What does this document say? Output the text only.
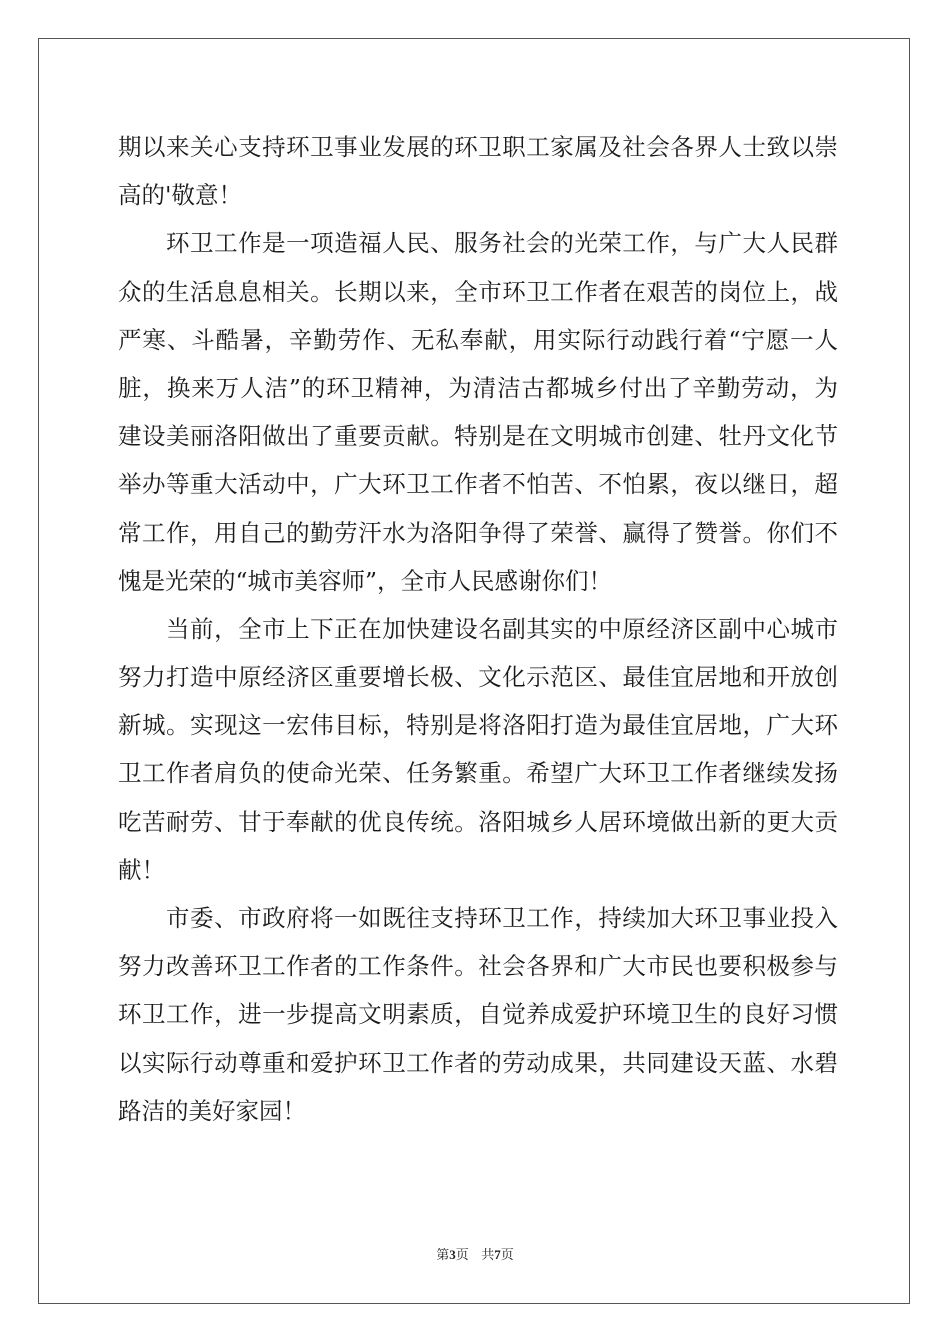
期以来关心支持环卫事业发展的环卫职工家属及社会各界人士致以崇
高的'敬意！
　　环卫工作是一项造福人民、服务社会的光荣工作，与广大人民群
众的生活息息相关。长期以来，全市环卫工作者在艰苦的岗位上，战
严寒、斗酷暑，辛勤劳作、无私奉献，用实际行动践行着“宁愿一人
脏，换来万人洁”的环卫精神，为清洁古都城乡付出了辛勤劳动，为
建设美丽洛阳做出了重要贡献。特别是在文明城市创建、牡丹文化节
举办等重大活动中，广大环卫工作者不怕苦、不怕累，夜以继日，超
常工作，用自己的勤劳汗水为洛阳争得了荣誉、赢得了赞誉。你们不
愧是光荣的“城市美容师”，全市人民感谢你们！
　　当前，全市上下正在加快建设名副其实的中原经济区副中心城市
努力打造中原经济区重要增长极、文化示范区、最佳宜居地和开放创
新城。实现这一宏伟目标，特别是将洛阳打造为最佳宜居地，广大环
卫工作者肩负的使命光荣、任务繁重。希望广大环卫工作者继续发扬
吃苦耐劳、甘于奉献的优良传统。洛阳城乡人居环境做出新的更大贡
献！
　　市委、市政府将一如既往支持环卫工作，持续加大环卫事业投入
努力改善环卫工作者的工作条件。社会各界和广大市民也要积极参与
环卫工作，进一步提高文明素质，自觉养成爱护环境卫生的良好习惯
以实际行动尊重和爱护环卫工作者的劳动成果，共同建设天蓝、水碧
路洁的美好家园！
第3页 共7页
